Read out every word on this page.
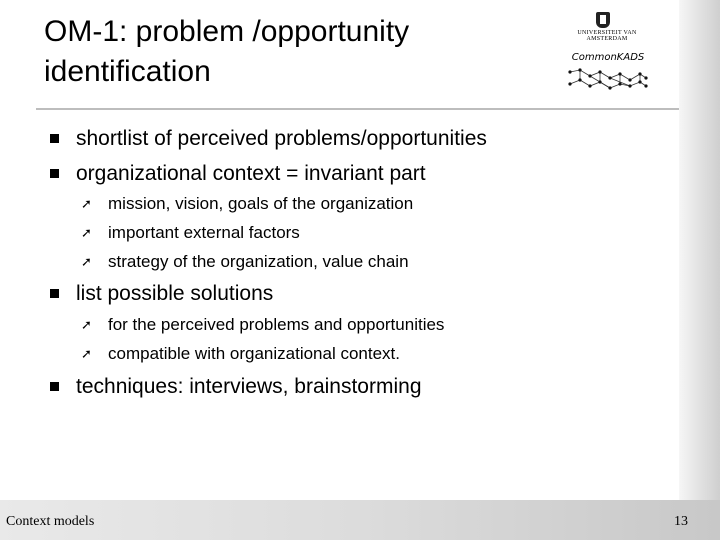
OM-1: problem /opportunity identification
UNIVERSITEIT VAN AMSTERDAM
CommonKADS
shortlist of perceived problems/opportunities
organizational context = invariant part
➚ mission, vision, goals of the organization
➚ important external factors
➚ strategy of the organization, value chain
list possible solutions
➚ for the perceived problems and opportunities
➚ compatible with organizational context.
techniques: interviews, brainstorming
Context models	13
